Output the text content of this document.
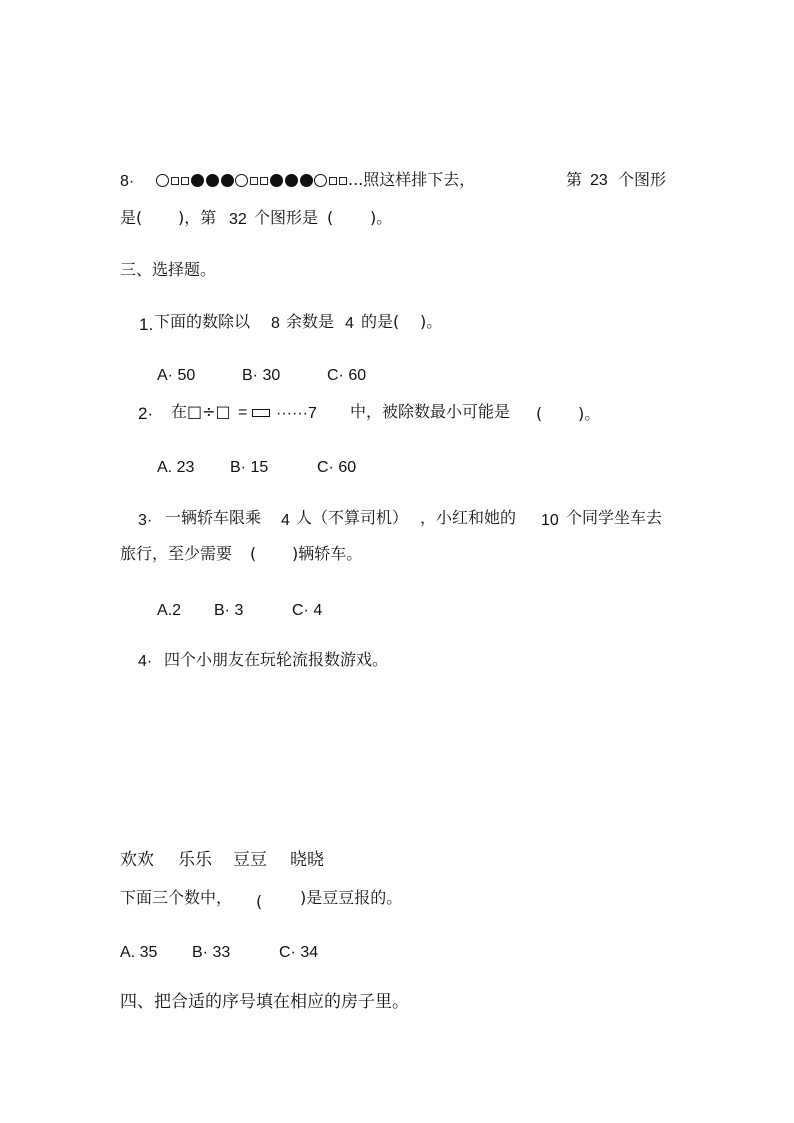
8·	...照这样排下去，	第 23 个图形
是( )，第 32 个图形是 ( )。
三、选择题。
1. 下面的数除以 8 余数是 4 的是( )。
A· 50	B· 30	C· 60
2· 在□÷□ = ······7 中，被除数最小可能是 ( )。
A. 23 B· 15	C· 60
3· 一辆轿车限乘 4 人（不算司机） ，小红和她的 10 个同学坐车去
旅行，至少需要 ( )辆轿车。
A.2 B· 3	C· 4
4· 四个小朋友在玩轮流报数游戏。
欢欢 乐乐 豆豆 晓晓
下面三个数中， ( )是豆豆报的。
A. 35 B· 33	C· 34
四、把合适的序号填在相应的房子里。
